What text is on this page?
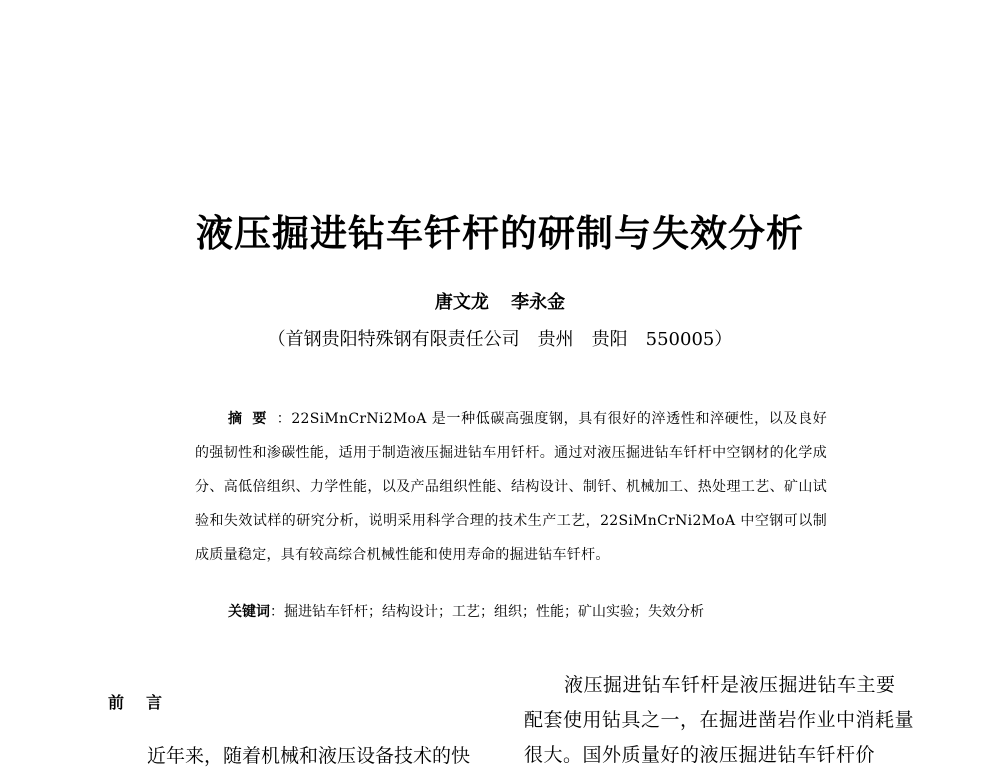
液压掘进钻车钎杆的研制与失效分析
唐文龙 李永金
（首钢贵阳特殊钢有限责任公司　贵州　贵阳　550005）
摘要：22SiMnCrNi2MoA 是一种低碳高强度钢，具有很好的淬透性和淬硬性，以及良好的强韧性和渗碳性能，适用于制造液压掘进钻车用钎杆。通过对液压掘进钻车钎杆中空钢材的化学成分、高低倍组织、力学性能，以及产品组织性能、结构设计、制钎、机械加工、热处理工艺、矿山试验和失效试样的研究分析，说明采用科学合理的技术生产工艺，22SiMnCrNi2MoA 中空钢可以制成质量稳定，具有较高综合机械性能和使用寿命的掘进钻车钎杆。
关键词：掘进钻车钎杆；结构设计；工艺；组织；性能；矿山实验；失效分析
前言
近年来，随着机械和液压设备技术的快
液压掘进钻车钎杆是液压掘进钻车主要配套使用钻具之一，在掘进凿岩作业中消耗量很大。国外质量好的液压掘进钻车钎杆价
